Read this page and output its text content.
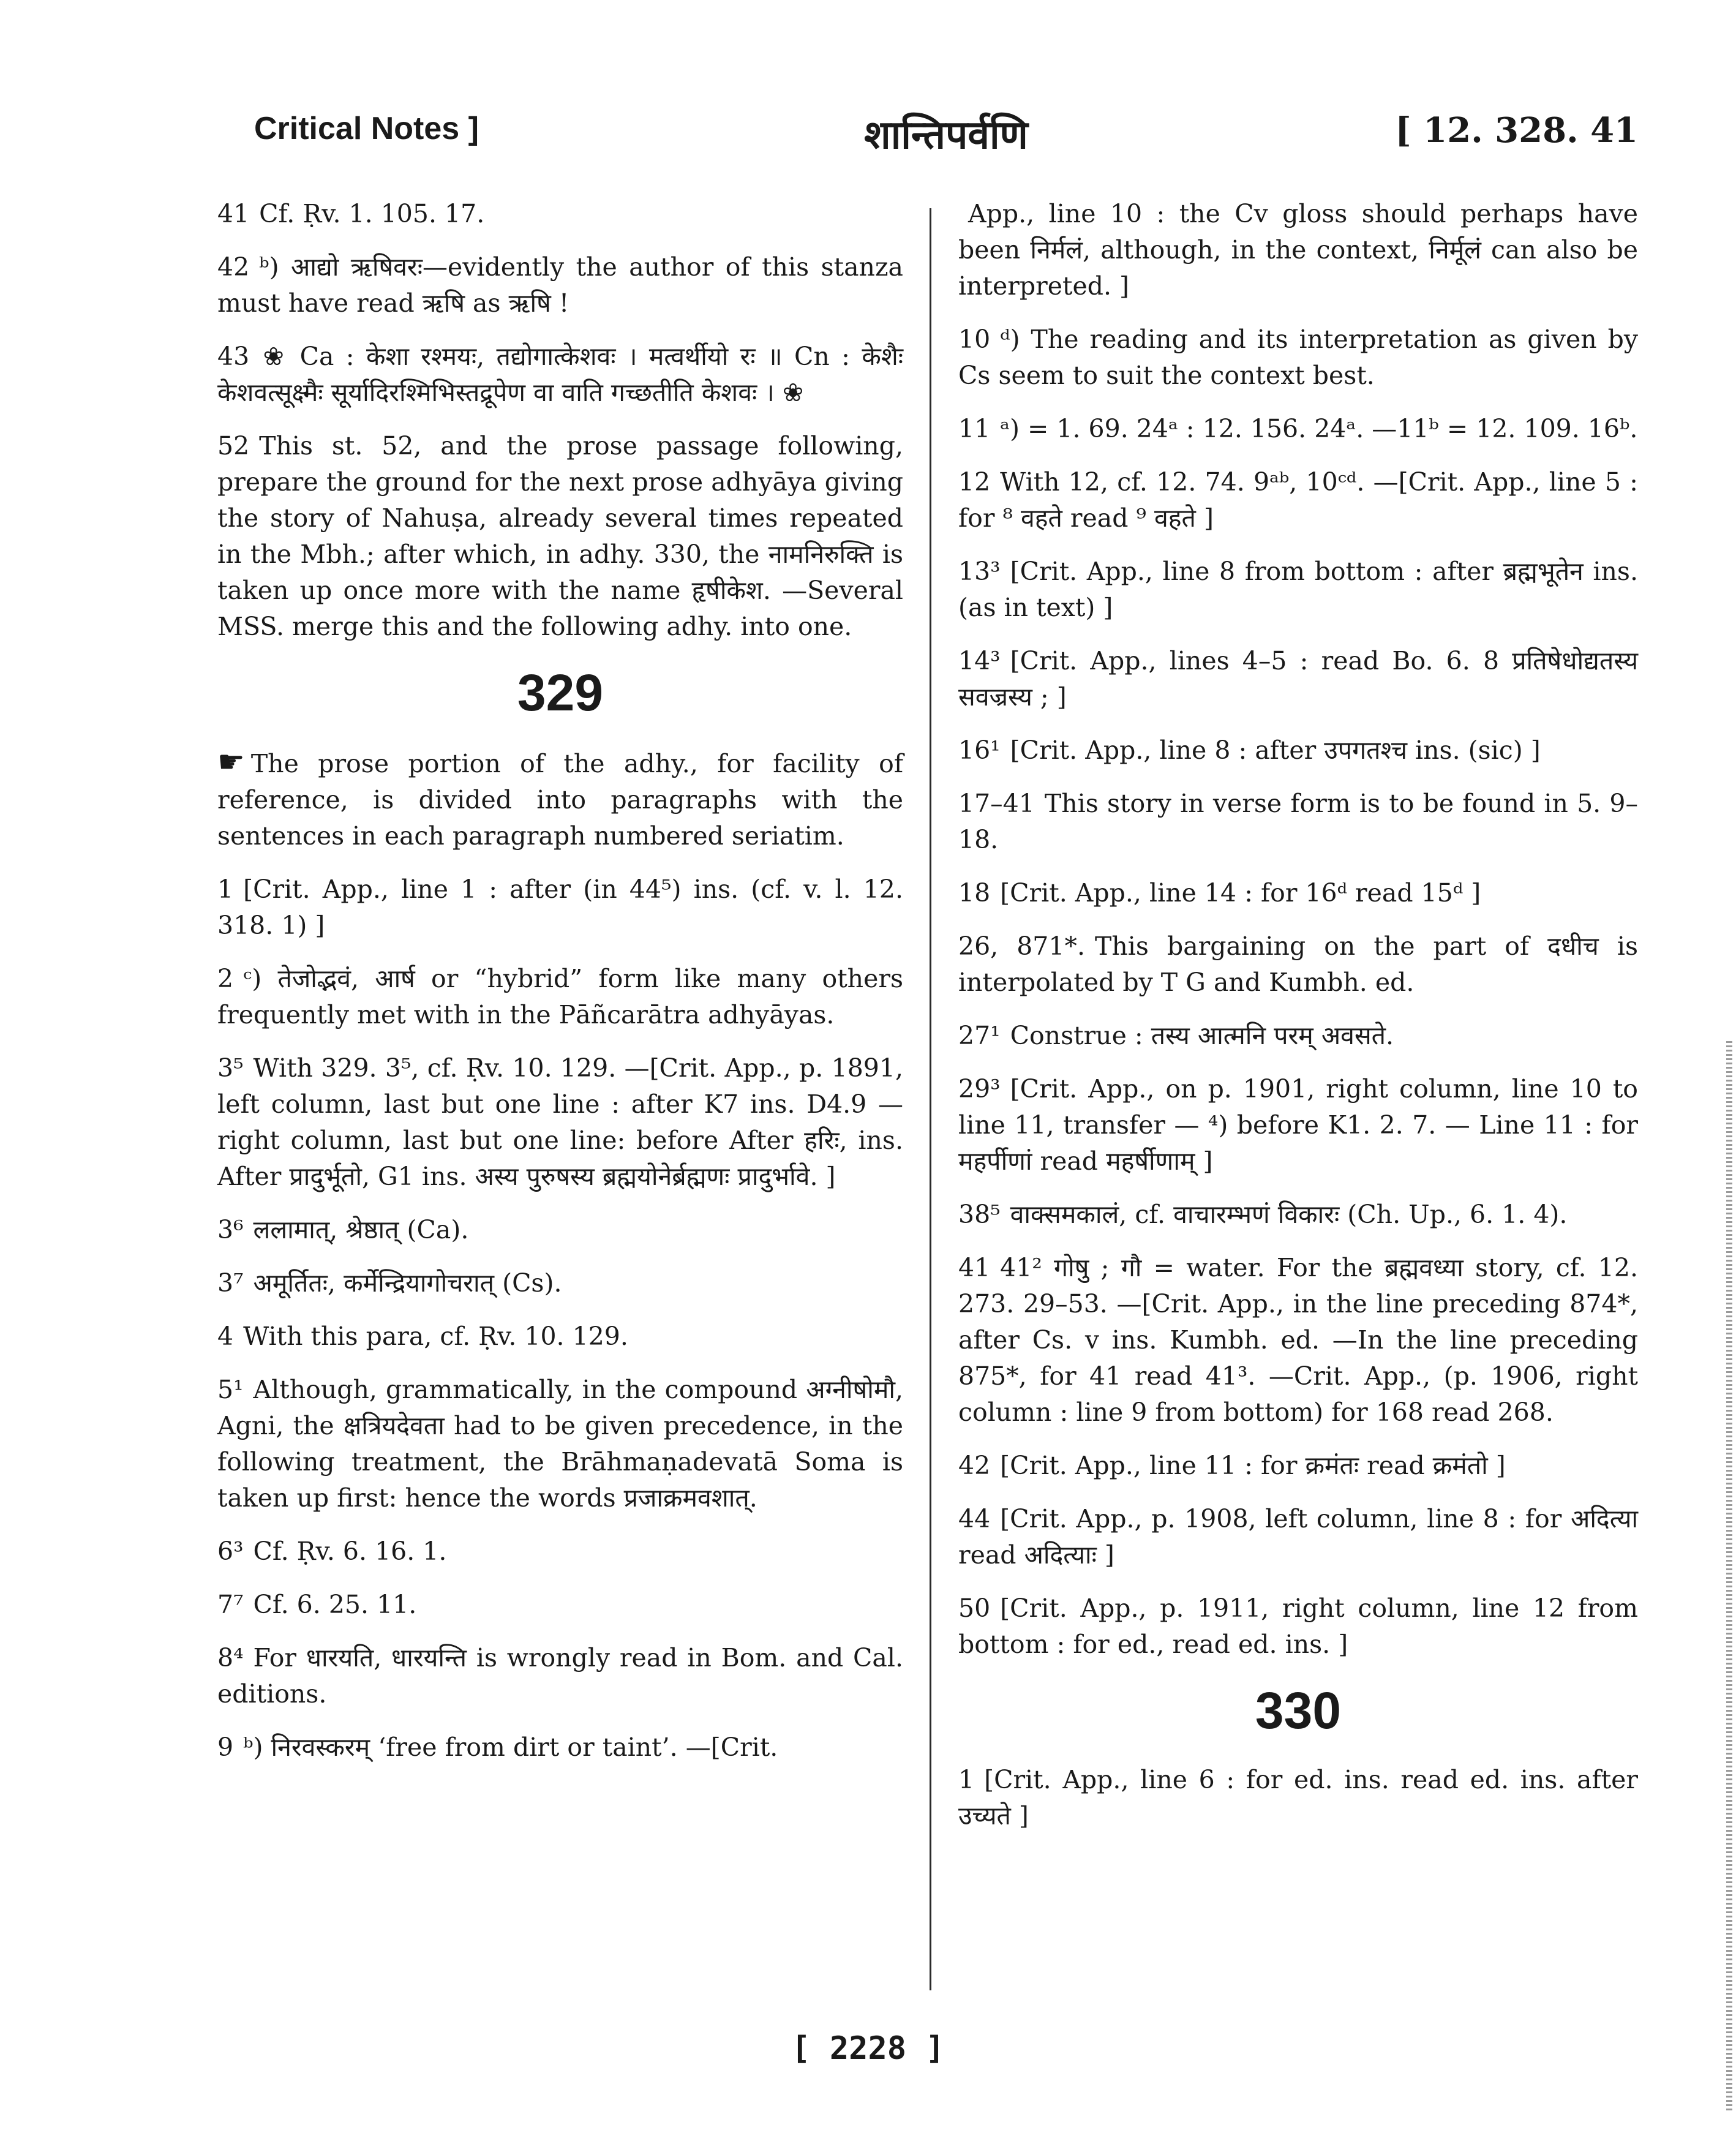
Critical Notes ]	शान्तिपर्वणि	[ 12. 328. 41

41 Cf. Ṛv. 1. 105. 17.

42 ᵇ) आद्यो ऋषिवरः—evidently the author of this stanza must have read ऋषि as ऋषि !

43 ❀ Ca : केशा रश्मयः, तद्योगात्केशवः । मत्वर्थीयो रः ॥ Cn : केशैः केशवत्सूक्ष्मैः सूर्यादिरश्मिभिस्तद्रूपेण वा वाति गच्छतीति केशवः । ❀

52 This st. 52, and the prose passage following, prepare the ground for the next prose adhyāya giving the story of Nahuṣa, already several times repeated in the Mbh.; after which, in adhy. 330, the नामनिरुक्ति is taken up once more with the name हृषीकेश. —Several MSS. merge this and the following adhy. into one.

329

☛ The prose portion of the adhy., for facility of reference, is divided into paragraphs with the sentences in each paragraph numbered seriatim.

1 [Crit. App., line 1 : after (in 44⁵) ins. (cf. v. l. 12. 318. 1) ]

2 ᶜ) तेजोद्भवं, आर्ष or “hybrid” form like many others frequently met with in the Pāñcarātra adhyāyas.

3⁵ With 329. 3⁵, cf. Ṛv. 10. 129. —[Crit. App., p. 1891, left column, last but one line : after K7 ins. D4.9 — right column, last but one line: before After हरिः, ins. After प्रादुर्भूतो, G1 ins. अस्य पुरुषस्य ब्रह्मयोनेर्ब्रह्मणः प्रादुर्भावे. ]

3⁶ ललामात्, श्रेष्ठात् (Ca).

3⁷ अमूर्तितः, कर्मेन्द्रियागोचरात् (Cs).

4 With this para, cf. Ṛv. 10. 129.

5¹ Although, grammatically, in the compound अग्नीषोमौ, Agni, the क्षत्रियदेवता had to be given precedence, in the following treatment, the Brāhmaṇadevatā Soma is taken up first: hence the words प्रजाक्रमवशात्.

6³ Cf. Ṛv. 6. 16. 1.

7⁷ Cf. 6. 25. 11.

8⁴ For धारयति, धारयन्ति is wrongly read in Bom. and Cal. editions.

9 ᵇ) निरवस्करम् ‘free from dirt or taint’. —[Crit.

App., line 10 : the Cv gloss should perhaps have been निर्मलं, although, in the context, निर्मूलं can also be interpreted. ]

10 ᵈ) The reading and its interpretation as given by Cs seem to suit the context best.

11 ᵃ) = 1. 69. 24ᵃ : 12. 156. 24ᵃ. —11ᵇ = 12. 109. 16ᵇ.

12 With 12, cf. 12. 74. 9ᵃᵇ, 10ᶜᵈ. —[Crit. App., line 5 : for ⁸ वहते read ⁹ वहते ]

13³ [Crit. App., line 8 from bottom : after ब्रह्मभूतेन ins. (as in text) ]

14³ [Crit. App., lines 4–5 : read Bo. 6. 8 प्रतिषेधोद्यतस्य सवज्रस्य ; ]

16¹ [Crit. App., line 8 : after उपगतश्च ins. (sic) ]

17–41 This story in verse form is to be found in 5. 9–18.

18 [Crit. App., line 14 : for 16ᵈ read 15ᵈ ]

26, 871*. This bargaining on the part of दधीच is interpolated by T G and Kumbh. ed.

27¹ Construe : तस्य आत्मनि परम् अवसते.

29³ [Crit. App., on p. 1901, right column, line 10 to line 11, transfer — ⁴) before K1. 2. 7. — Line 11 : for महर्पीणां read महर्षीणाम् ]

38⁵ वाक्समकालं, cf. वाचारम्भणं विकारः (Ch. Up., 6. 1. 4).

41 41² गोषु ; गौ = water. For the ब्रह्मवध्या story, cf. 12. 273. 29–53. —[Crit. App., in the line preceding 874*, after Cs. v ins. Kumbh. ed. —In the line preceding 875*, for 41 read 41³. —Crit. App., (p. 1906, right column : line 9 from bottom) for 168 read 268.

42 [Crit. App., line 11 : for क्रमंतः read क्रमंतो ]

44 [Crit. App., p. 1908, left column, line 8 : for अदित्या read अदित्याः ]

50 [Crit. App., p. 1911, right column, line 12 from bottom : for ed., read ed. ins. ]

330

1 [Crit. App., line 6 : for ed. ins. read ed. ins. after उच्यते ]

[ 2228 ]
